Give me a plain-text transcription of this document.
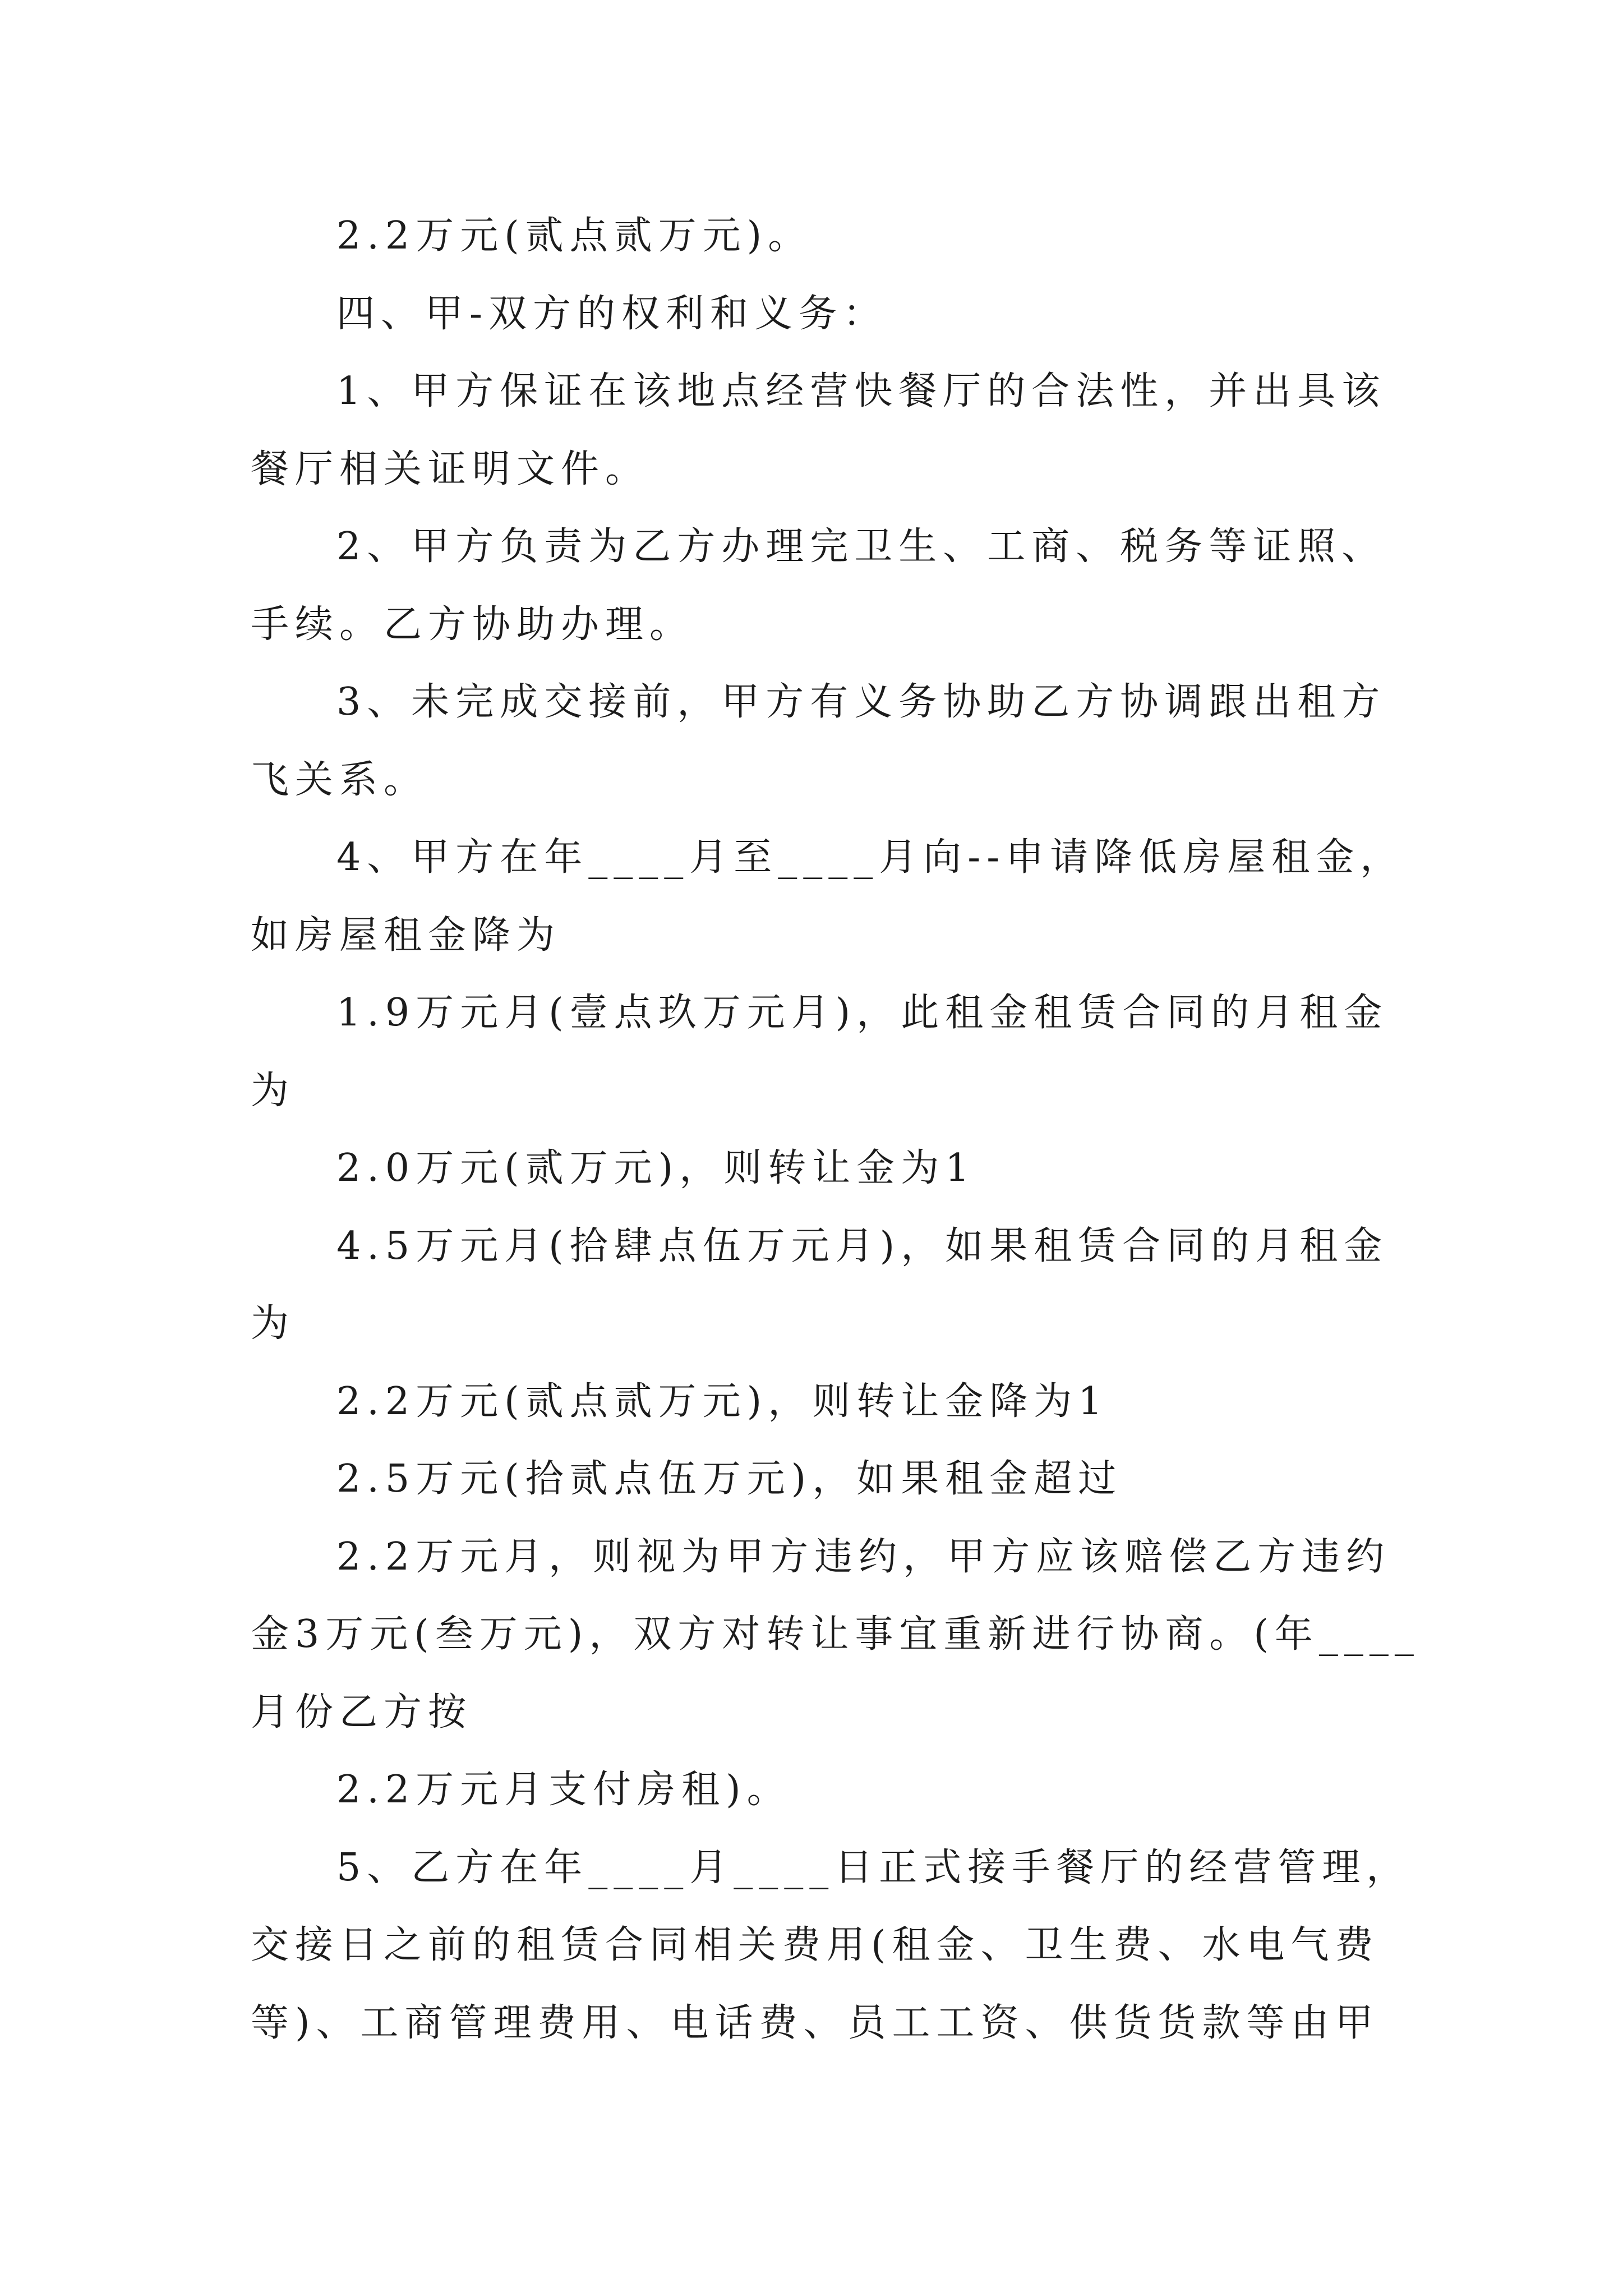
2.2万元(贰点贰万元)。

四、甲-双方的权利和义务：

1、甲方保证在该地点经营快餐厅的合法性，并出具该

餐厅相关证明文件。

2、甲方负责为乙方办理完卫生、工商、税务等证照、

手续。乙方协助办理。

3、未完成交接前，甲方有义务协助乙方协调跟出租方

飞关系。

4、甲方在年____月至____月向--申请降低房屋租金，

如房屋租金降为

1.9万元月(壹点玖万元月)，此租金租赁合同的月租金

为

2.0万元(贰万元)，则转让金为1

4.5万元月(拾肆点伍万元月)，如果租赁合同的月租金

为

2.2万元(贰点贰万元)，则转让金降为1

2.5万元(拾贰点伍万元)，如果租金超过

2.2万元月，则视为甲方违约，甲方应该赔偿乙方违约

金3万元(叁万元)，双方对转让事宜重新进行协商。(年____

月份乙方按

2.2万元月支付房租)。

5、乙方在年____月____日正式接手餐厅的经营管理，

交接日之前的租赁合同相关费用(租金、卫生费、水电气费

等)、工商管理费用、电话费、员工工资、供货货款等由甲
